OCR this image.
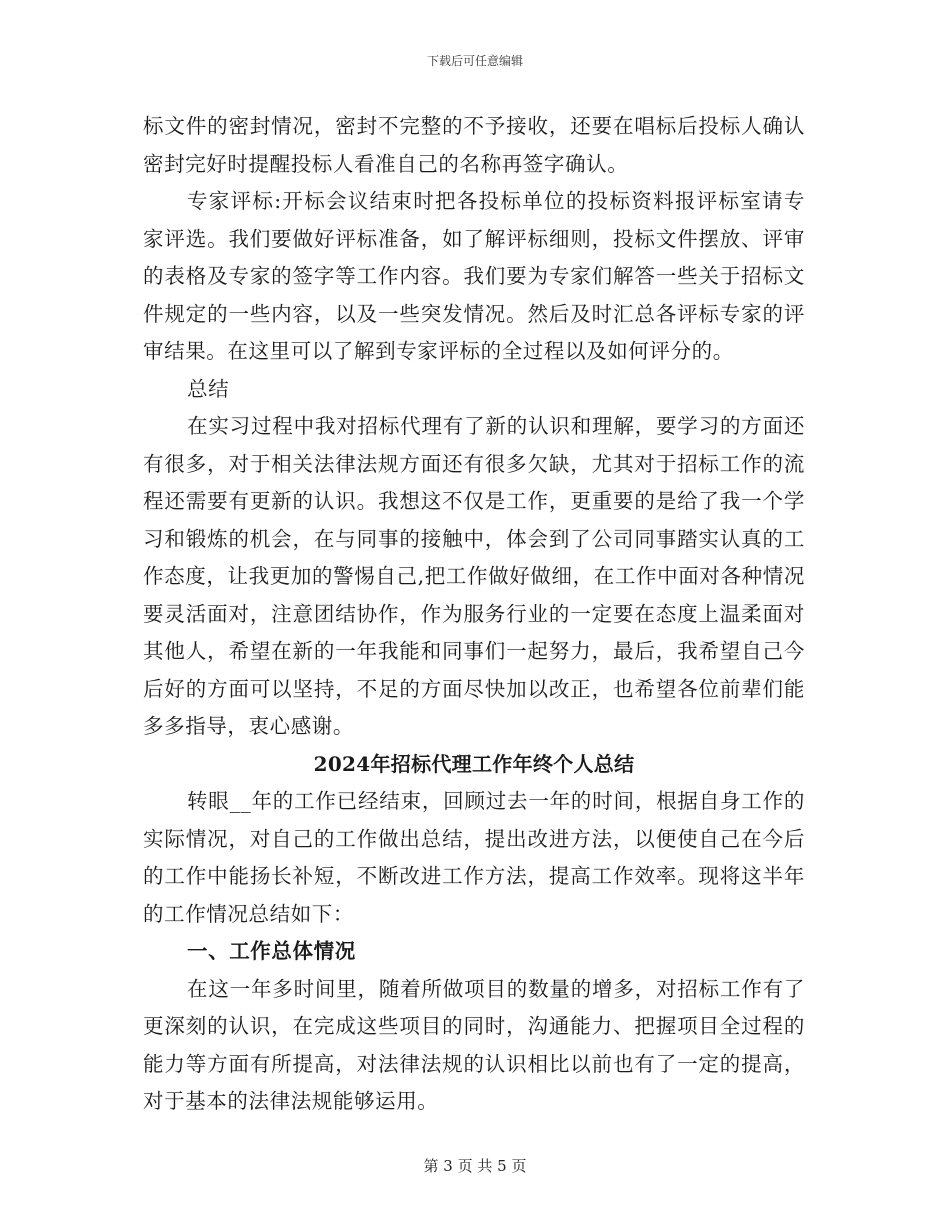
下载后可任意编辑

标文件的密封情况，密封不完整的不予接收，还要在唱标后投标人确认密封完好时提醒投标人看准自己的名称再签字确认。

专家评标:开标会议结束时把各投标单位的投标资料报评标室请专家评选。我们要做好评标准备，如了解评标细则，投标文件摆放、评审的表格及专家的签字等工作内容。我们要为专家们解答一些关于招标文件规定的一些内容，以及一些突发情况。然后及时汇总各评标专家的评审结果。在这里可以了解到专家评标的全过程以及如何评分的。

总结

在实习过程中我对招标代理有了新的认识和理解，要学习的方面还有很多，对于相关法律法规方面还有很多欠缺，尤其对于招标工作的流程还需要有更新的认识。我想这不仅是工作，更重要的是给了我一个学习和锻炼的机会，在与同事的接触中，体会到了公司同事踏实认真的工作态度，让我更加的警惕自己,把工作做好做细，在工作中面对各种情况要灵活面对，注意团结协作，作为服务行业的一定要在态度上温柔面对其他人，希望在新的一年我能和同事们一起努力，最后，我希望自己今后好的方面可以坚持，不足的方面尽快加以改正，也希望各位前辈们能多多指导，衷心感谢。

2024年招标代理工作年终个人总结

转眼__年的工作已经结束，回顾过去一年的时间，根据自身工作的实际情况，对自己的工作做出总结，提出改进方法，以便使自己在今后的工作中能扬长补短，不断改进工作方法，提高工作效率。现将这半年的工作情况总结如下：

一、工作总体情况

在这一年多时间里，随着所做项目的数量的增多，对招标工作有了更深刻的认识，在完成这些项目的同时，沟通能力、把握项目全过程的能力等方面有所提高，对法律法规的认识相比以前也有了一定的提高，对于基本的法律法规能够运用。

第 3 页 共 5 页
